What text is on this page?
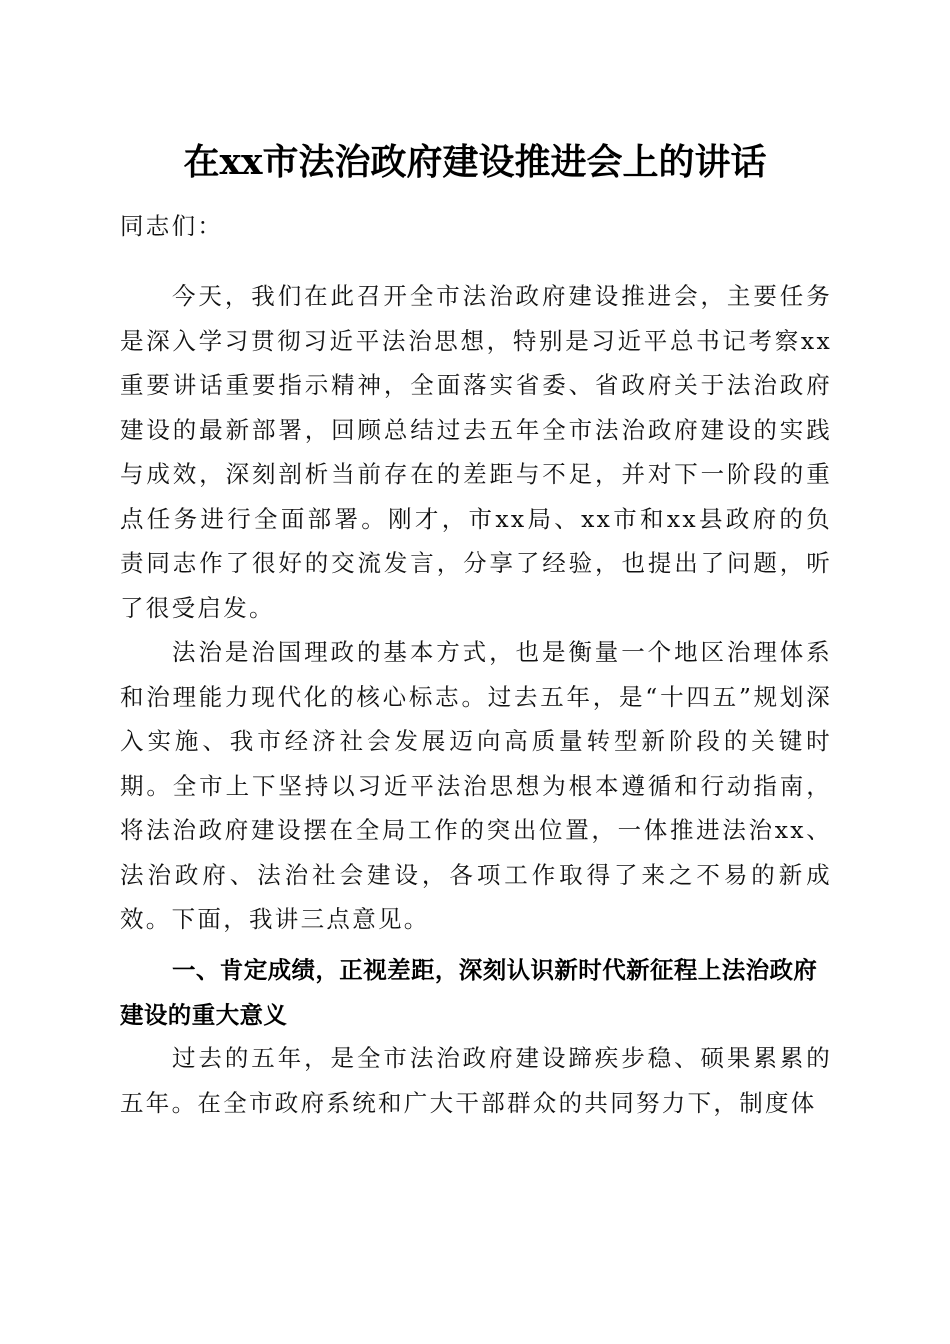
在xx市法治政府建设推进会上的讲话

同志们：

今天，我们在此召开全市法治政府建设推进会，主要任务是深入学习贯彻习近平法治思想，特别是习近平总书记考察xx重要讲话重要指示精神，全面落实省委、省政府关于法治政府建设的最新部署，回顾总结过去五年全市法治政府建设的实践与成效，深刻剖析当前存在的差距与不足，并对下一阶段的重点任务进行全面部署。刚才，市xx局、xx市和xx县政府的负责同志作了很好的交流发言，分享了经验，也提出了问题，听了很受启发。

法治是治国理政的基本方式，也是衡量一个地区治理体系和治理能力现代化的核心标志。过去五年，是“十四五”规划深入实施、我市经济社会发展迈向高质量转型新阶段的关键时期。全市上下坚持以习近平法治思想为根本遵循和行动指南，将法治政府建设摆在全局工作的突出位置，一体推进法治xx、法治政府、法治社会建设，各项工作取得了来之不易的新成效。下面，我讲三点意见。

一、肯定成绩，正视差距，深刻认识新时代新征程上法治政府建设的重大意义

过去的五年，是全市法治政府建设蹄疾步稳、硕果累累的五年。在全市政府系统和广大干部群众的共同努力下，制度体
